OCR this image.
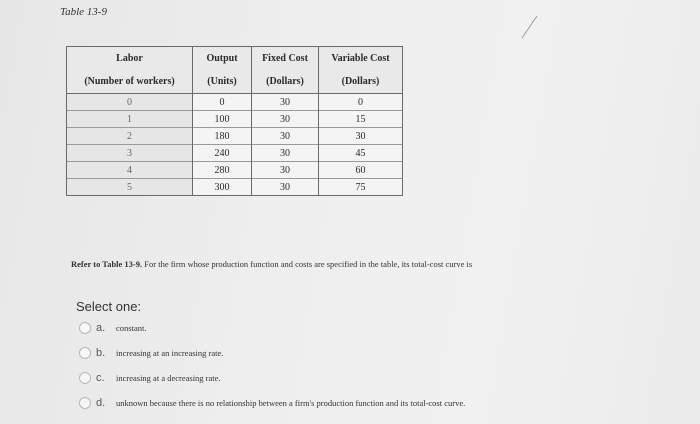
Table 13-9
Labor	Output	Fixed Cost	Variable Cost
(Number of workers)	(Units)	(Dollars)	(Dollars)
0	0	30	0
1	100	30	15
2	180	30	30
3	240	30	45
4	280	30	60
5	300	30	75
Refer to Table 13-9. For the firm whose production function and costs are specified in the table, its total-cost curve is
Select one:
a.	constant.
b.	increasing at an increasing rate.
c.	increasing at a decreasing rate.
d.	unknown because there is no relationship between a firm's production function and its total-cost curve.
